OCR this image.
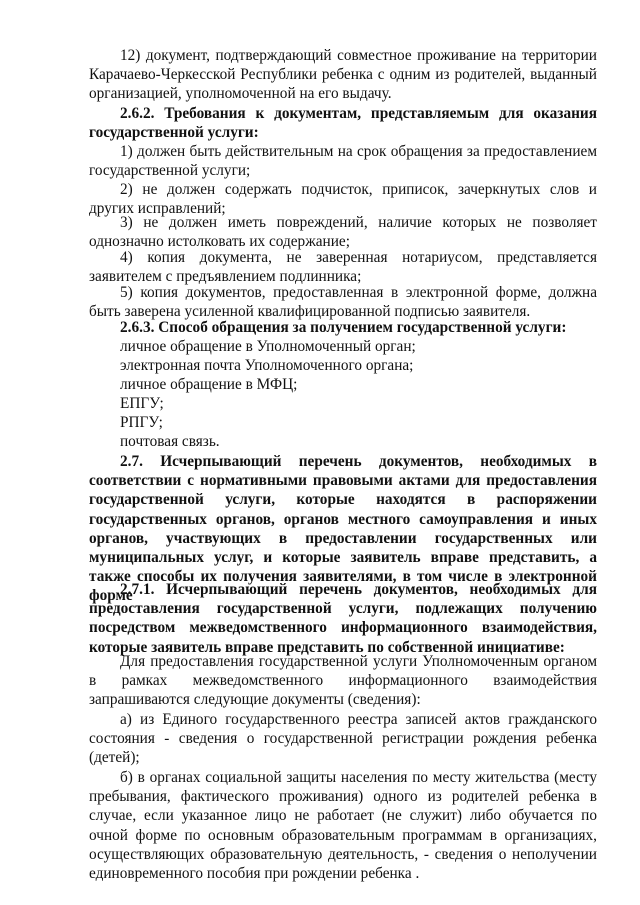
12) документ, подтверждающий совместное проживание на территории Карачаево-Черкесской Республики ребенка с одним из родителей, выданный организацией, уполномоченной на его выдачу.

2.6.2. Требования к документам, представляемым для оказания государственной услуги:

1) должен быть действительным на срок обращения за предоставлением государственной услуги;

2) не должен содержать подчисток, приписок, зачеркнутых слов и других исправлений;

3) не должен иметь повреждений, наличие которых не позволяет однозначно истолковать их содержание;

4) копия документа, не заверенная нотариусом, представляется заявителем с предъявлением подлинника;

5) копия документов, предоставленная в электронной форме, должна быть заверена усиленной квалифицированной подписью заявителя.

2.6.3. Способ обращения за получением государственной услуги:

личное обращение в Уполномоченный орган;

электронная почта Уполномоченного органа;

личное обращение в МФЦ;

ЕПГУ;

РПГУ;

почтовая связь.

2.7. Исчерпывающий перечень документов, необходимых в соответствии с нормативными правовыми актами для предоставления государственной услуги, которые находятся в распоряжении государственных органов, органов местного самоуправления и иных органов, участвующих в предоставлении государственных или муниципальных услуг, и которые заявитель вправе представить, а также способы их получения заявителями, в том числе в электронной форме

2.7.1. Исчерпывающий перечень документов, необходимых для предоставления государственной услуги, подлежащих получению посредством межведомственного информационного взаимодействия, которые заявитель вправе представить по собственной инициативе:

Для предоставления государственной услуги Уполномоченным органом в рамках межведомственного информационного взаимодействия запрашиваются следующие документы (сведения):

а) из Единого государственного реестра записей актов гражданского состояния - сведения о государственной регистрации рождения ребенка (детей);

б) в органах социальной защиты населения по месту жительства (месту пребывания, фактического проживания) одного из родителей ребенка в случае, если указанное лицо не работает (не служит) либо обучается по очной форме по основным образовательным программам в организациях, осуществляющих образовательную деятельность, - сведения о неполучении единовременного пособия при рождении ребенка .
